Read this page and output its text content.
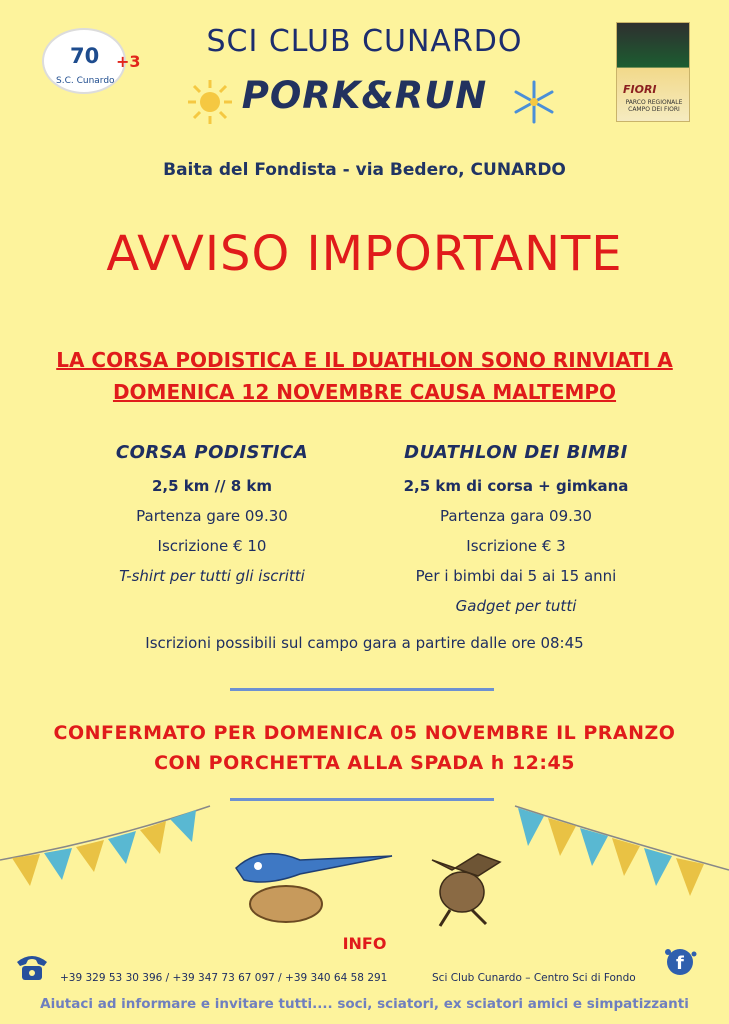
70
S.C. Cunardo
+3
FIORI
PARCO REGIONALE CAMPO DEI FIORI
SCI CLUB CUNARDO
PORK&RUN
Baita del Fondista - via Bedero, CUNARDO
AVVISO IMPORTANTE
LA CORSA PODISTICA E IL DUATHLON SONO RINVIATI A
DOMENICA 12 NOVEMBRE CAUSA MALTEMPO
CORSA PODISTICA
2,5 km // 8 km
Partenza gare 09.30
Iscrizione € 10
T-shirt per tutti gli iscritti
DUATHLON DEI BIMBI
2,5 km di corsa + gimkana
Partenza gara 09.30
Iscrizione € 3
Per i bimbi dai 5 ai 15 anni
Gadget per tutti
Iscrizioni possibili sul campo gara a partire dalle ore 08:45
CONFERMATO PER DOMENICA 05 NOVEMBRE IL PRANZO
CON PORCHETTA ALLA SPADA h 12:45
INFO
+39 329 53 30 396 / +39 347 73 67 097 / +39 340 64 58 291	Sci Club Cunardo – Centro Sci di Fondo
f
Aiutaci ad informare e invitare tutti.... soci, sciatori, ex sciatori amici e simpatizzanti
